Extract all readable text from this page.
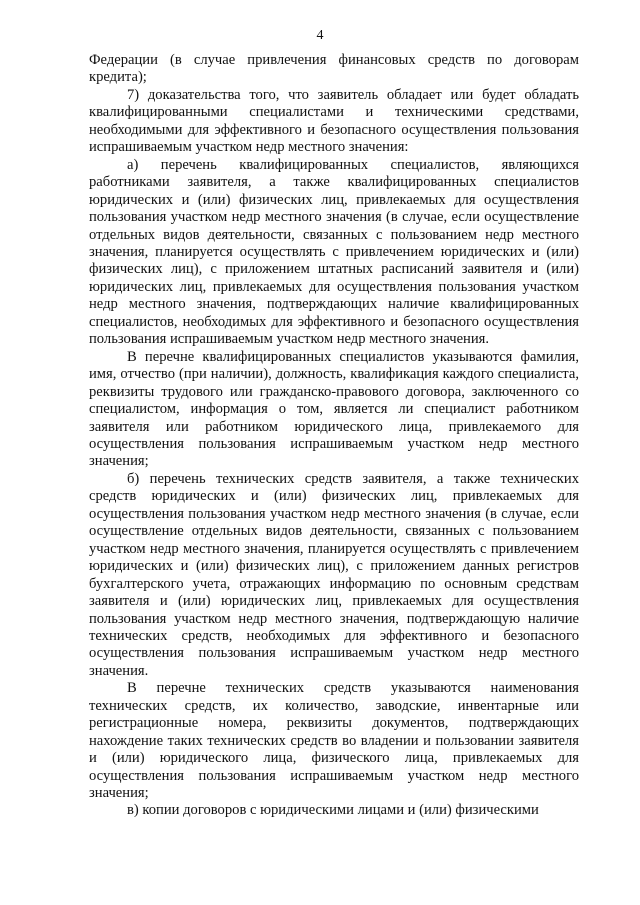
4

Федерации (в случае привлечения финансовых средств по договорам кредита);

7) доказательства того, что заявитель обладает или будет обладать квалифицированными специалистами и техническими средствами, необходимыми для эффективного и безопасного осуществления пользования испрашиваемым участком недр местного значения:

а) перечень квалифицированных специалистов, являющихся работниками заявителя, а также квалифицированных специалистов юридических и (или) физических лиц, привлекаемых для осуществления пользования участком недр местного значения (в случае, если осуществление отдельных видов деятельности, связанных с пользованием недр местного значения, планируется осуществлять с привлечением юридических и (или) физических лиц), с приложением штатных расписаний заявителя и (или) юридических лиц, привлекаемых для осуществления пользования участком недр местного значения, подтверждающих наличие квалифицированных специалистов, необходимых для эффективного и безопасного осуществления пользования испрашиваемым участком недр местного значения.

В перечне квалифицированных специалистов указываются фамилия, имя, отчество (при наличии), должность, квалификация каждого специалиста, реквизиты трудового или гражданско-правового договора, заключенного со специалистом, информация о том, является ли специалист работником заявителя или работником юридического лица, привлекаемого для осуществления пользования испрашиваемым участком недр местного значения;

б) перечень технических средств заявителя, а также технических средств юридических и (или) физических лиц, привлекаемых для осуществления пользования участком недр местного значения (в случае, если осуществление отдельных видов деятельности, связанных с пользованием участком недр местного значения, планируется осуществлять с привлечением юридических и (или) физических лиц), с приложением данных регистров бухгалтерского учета, отражающих информацию по основным средствам заявителя и (или) юридических лиц, привлекаемых для осуществления пользования участком недр местного значения, подтверждающую наличие технических средств, необходимых для эффективного и безопасного осуществления пользования испрашиваемым участком недр местного значения.

В перечне технических средств указываются наименования технических средств, их количество, заводские, инвентарные или регистрационные номера, реквизиты документов, подтверждающих нахождение таких технических средств во владении и пользовании заявителя и (или) юридического лица, физического лица, привлекаемых для осуществления пользования испрашиваемым участком недр местного значения;

в) копии договоров с юридическими лицами и (или) физическими
